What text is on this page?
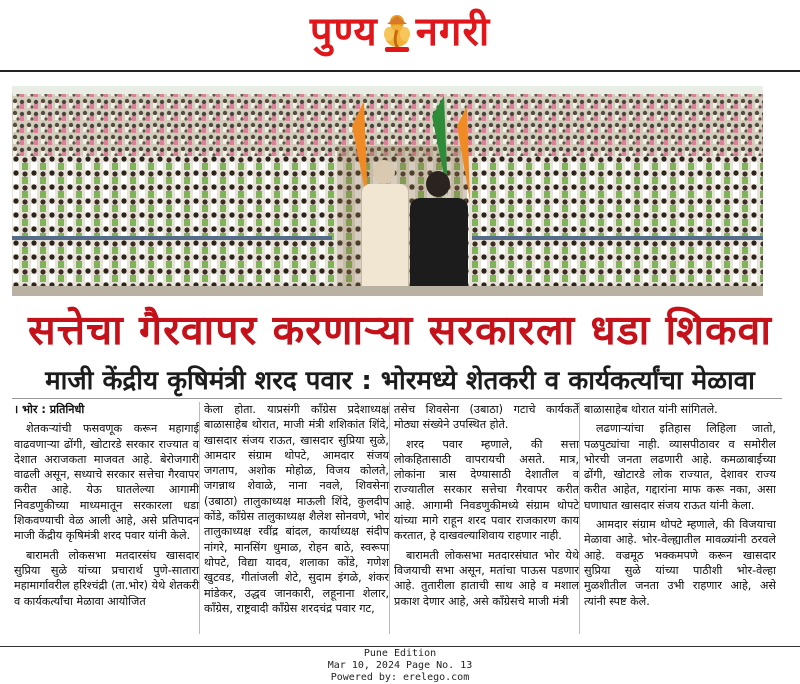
पुण्य नगरी
सत्तेचा गैरवापर करणाऱ्या सरकारला धडा शिकवा
माजी केंद्रीय कृषिमंत्री शरद पवार : भोरमध्ये शेतकरी व कार्यकर्त्यांचा मेळावा

। भोर : प्रतिनिधी

शेतकऱ्यांची फसवणूक करून महागाई वाढवणाऱ्या ढोंगी, खोटारडे सरकार राज्यात व देशात अराजकता माजवत आहे. बेरोजगारी वाढली असून, सध्याचे सरकार सत्तेचा गैरवापर करीत आहे. येऊ घातलेल्या आगामी निवडणुकीच्या माध्यमातून सरकारला धडा शिकवण्याची वेळ आली आहे, असे प्रतिपादन माजी केंद्रीय कृषिमंत्री शरद पवार यांनी केले.

बारामती लोकसभा मतदारसंघ खासदार सुप्रिया सुळे यांच्या प्रचारार्थ पुणे-सातारा महामार्गावरील हरिश्चंद्री (ता.भोर) येथे शेतकरी व कार्यकर्त्यांचा मेळावा आयोजित

केला होता. याप्रसंगी काँग्रेस प्रदेशाध्यक्ष बाळासाहेब थोरात, माजी मंत्री शशिकांत शिंदे, खासदार संजय राऊत, खासदार सुप्रिया सुळे, आमदार संग्राम थोपटे, आमदार संजय जगताप, अशोक मोहोळ, विजय कोलते, जगन्नाथ शेवाळे, नाना नवले, शिवसेना (उबाठा) तालुकाध्यक्ष माऊली शिंदे, कुलदीप कोंडे, काँग्रेस तालुकाध्यक्ष शैलेश सोनवणे, भोर तालुकाध्यक्ष रवींद्र बांदल, कार्याध्यक्ष संदीप नांगरे, मानसिंग धुमाळ, रोहन बाठे, स्वरूपा थोपटे, विद्या यादव, शलाका कोंडे, गणेश खुटवड, गीतांजली शेटे, सुदाम इंगळे, शंकर मांडेकर, उद्धव जानकारी, लहूनाना शेलार, काँग्रेस, राष्ट्रवादी काँग्रेस शरदचंद्र पवार गट,

तसेच शिवसेना (उबाठा) गटाचे कार्यकर्ते मोठ्या संख्येने उपस्थित होते.

शरद पवार म्हणाले, की सत्ता लोकहितासाठी वापरायची असते. मात्र, लोकांना त्रास देण्यासाठी देशातील व राज्यातील सरकार सत्तेचा गैरवापर करीत आहे. आगामी निवडणुकीमध्ये संग्राम थोपटे यांच्या मागे राहून शरद पवार राजकारण काय करतात, हे दाखवल्याशिवाय राहणार नाही.

बारामती लोकसभा मतदारसंघात भोर येथे विजयाची सभा असून, मतांचा पाऊस पडणार आहे. तुतारीला हाताची साथ आहे व मशाल प्रकाश देणार आहे, असे काँग्रेसचे माजी मंत्री

बाळासाहेब थोरात यांनी सांगितले.

लढणाऱ्यांचा इतिहास लिहिला जातो, पळपुट्यांचा नाही. व्यासपीठावर व समोरील भोरची जनता लढणारी आहे. कमळाबाईच्या ढोंगी, खोटारडे लोक राज्यात, देशावर राज्य करीत आहेत, गद्दारांना माफ करू नका, असा घणाघात खासदार संजय राऊत यांनी केला.

आमदार संग्राम थोपटे म्हणाले, की विजयाचा मेळावा आहे. भोर-वेल्ह्यातील मावळ्यांनी ठरवले आहे. वज्रमूठ भक्कमपणे करून खासदार सुप्रिया सुळे यांच्या पाठीशी भोर-वेल्हा मुळशीतील जनता उभी राहणार आहे, असे त्यांनी स्पष्ट केले.

Pune Edition
Mar 10, 2024 Page No. 13
Powered by: erelego.com
